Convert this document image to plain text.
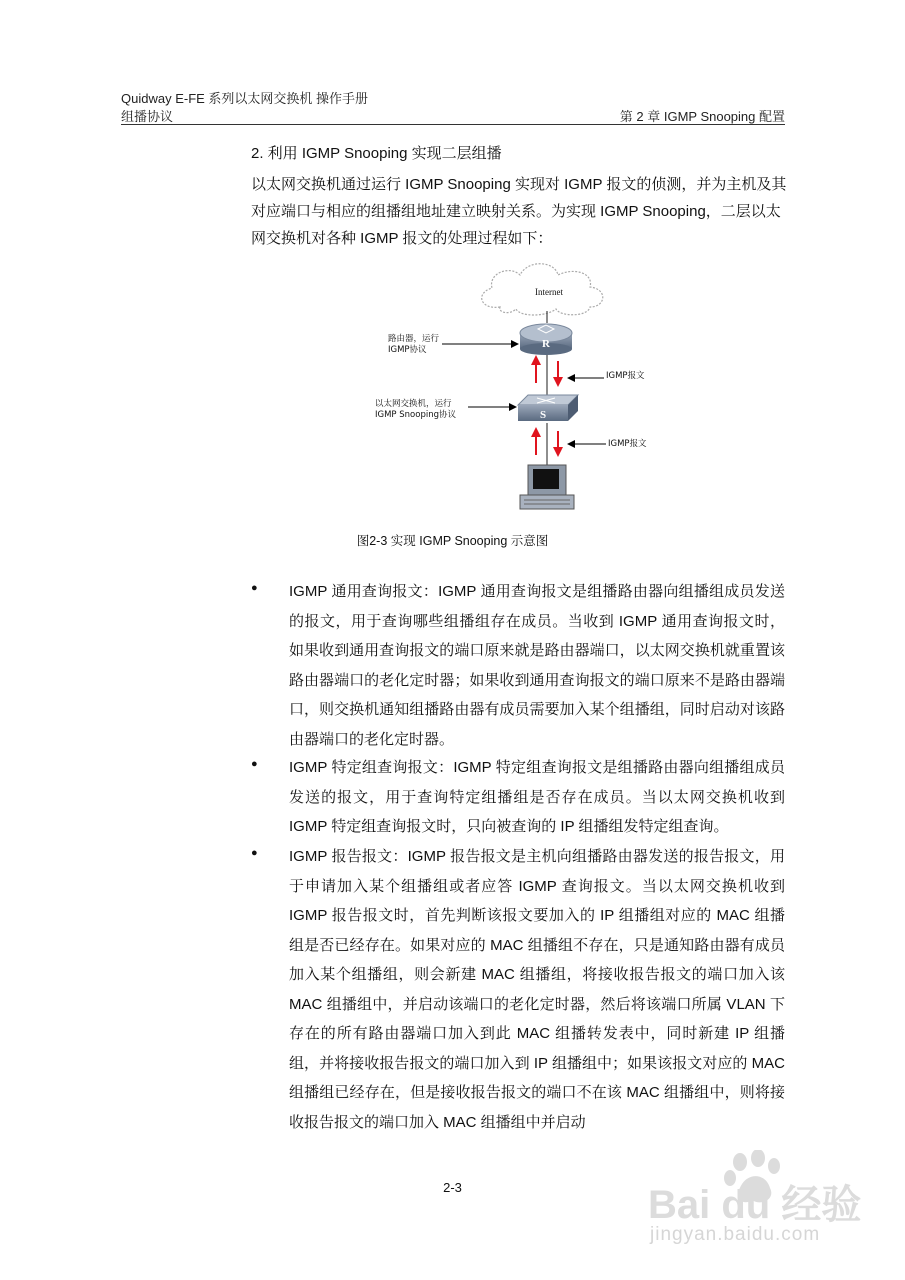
Quidway E-FE 系列以太网交换机 操作手册
组播协议	第 2 章 IGMP Snooping 配置
2. 利用 IGMP Snooping 实现二层组播
以太网交换机通过运行 IGMP Snooping 实现对 IGMP 报文的侦测，并为主机及其对应端口与相应的组播组地址建立映射关系。为实现 IGMP Snooping，二层以太网交换机对各种 IGMP 报文的处理过程如下：
Internet
R
S
路由器，运行
IGMP协议
以太网交换机，运行
IGMP Snooping协议
IGMP报文
IGMP报文
图2-3 实现 IGMP Snooping 示意图
● IGMP 通用查询报文：IGMP 通用查询报文是组播路由器向组播组成员发送的报文，用于查询哪些组播组存在成员。当收到 IGMP 通用查询报文时，如果收到通用查询报文的端口原来就是路由器端口，以太网交换机就重置该路由器端口的老化定时器；如果收到通用查询报文的端口原来不是路由器端口，则交换机通知组播路由器有成员需要加入某个组播组，同时启动对该路由器端口的老化定时器。
● IGMP 特定组查询报文：IGMP 特定组查询报文是组播路由器向组播组成员发送的报文，用于查询特定组播组是否存在成员。当以太网交换机收到 IGMP 特定组查询报文时，只向被查询的 IP 组播组发特定组查询。
● IGMP 报告报文：IGMP 报告报文是主机向组播路由器发送的报告报文，用于申请加入某个组播组或者应答 IGMP 查询报文。当以太网交换机收到 IGMP 报告报文时，首先判断该报文要加入的 IP 组播组对应的 MAC 组播组是否已经存在。如果对应的 MAC 组播组不存在，只是通知路由器有成员加入某个组播组，则会新建 MAC 组播组，将接收报告报文的端口加入该 MAC 组播组中，并启动该端口的老化定时器，然后将该端口所属 VLAN 下存在的所有路由器端口加入到此 MAC 组播转发表中，同时新建 IP 组播组，并将接收报告报文的端口加入到 IP 组播组中；如果该报文对应的 MAC 组播组已经存在，但是接收报告报文的端口不在该 MAC 组播组中，则将接收报告报文的端口加入 MAC 组播组中并启动
2-3	Bai du 经验
jingyan.baidu.com
